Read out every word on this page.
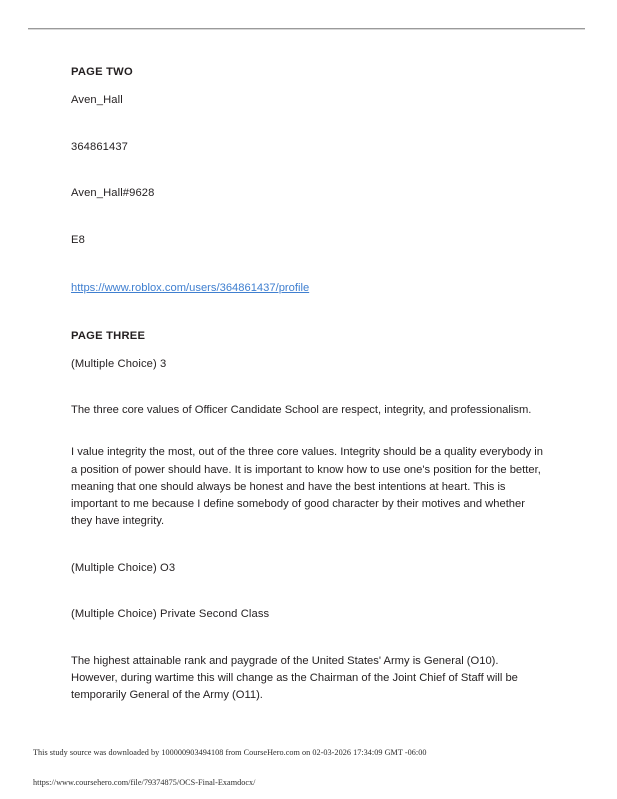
PAGE TWO
Aven_Hall
364861437
Aven_Hall#9628
E8
https://www.roblox.com/users/364861437/profile
PAGE THREE
(Multiple Choice) 3
The three core values of Officer Candidate School are respect, integrity, and professionalism.
I value integrity the most, out of the three core values. Integrity should be a quality everybody in a position of power should have. It is important to know how to use one's position for the better, meaning that one should always be honest and have the best intentions at heart. This is important to me because I define somebody of good character by their motives and whether they have integrity.
(Multiple Choice) O3
(Multiple Choice) Private Second Class
The highest attainable rank and paygrade of the United States' Army is General (O10). However, during wartime this will change as the Chairman of the Joint Chief of Staff will be temporarily General of the Army (O11).
This study source was downloaded by 100000903494108 from CourseHero.com on 02-03-2026 17:34:09 GMT -06:00
https://www.coursehero.com/file/79374875/OCS-Final-Examdocx/
